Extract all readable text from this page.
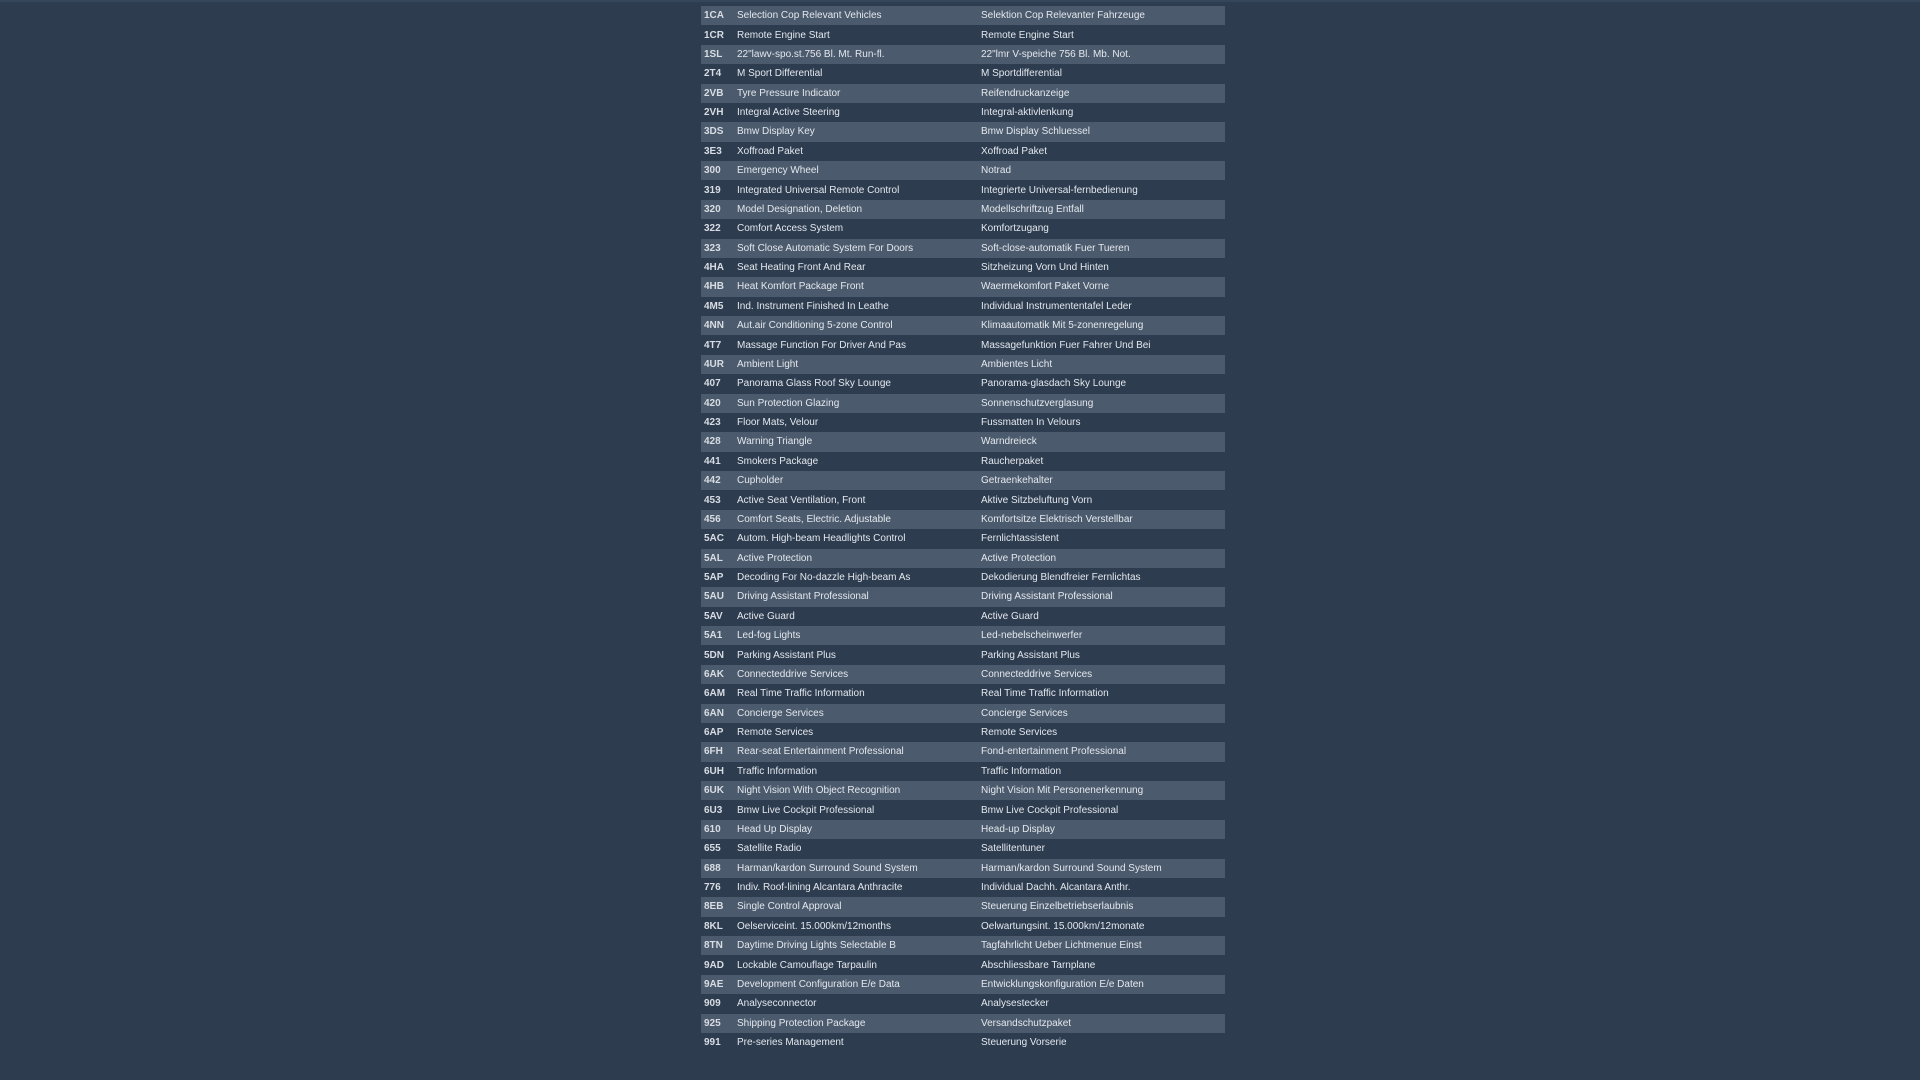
1CA	Selection Cop Relevant Vehicles	Selektion Cop Relevanter Fahrzeuge
1CR	Remote Engine Start	Remote Engine Start
1SL	22"lawv-spo.st.756 Bl. Mt. Run-fl.	22"lmr V-speiche 756 Bl. Mb. Not.
2T4	M Sport Differential	M Sportdifferential
2VB	Tyre Pressure Indicator	Reifendruckanzeige
2VH	Integral Active Steering	Integral-aktivlenkung
3DS	Bmw Display Key	Bmw Display Schluessel
3E3	Xoffroad Paket	Xoffroad Paket
300	Emergency Wheel	Notrad
319	Integrated Universal Remote Control	Integrierte Universal-fernbedienung
320	Model Designation, Deletion	Modellschriftzug Entfall
322	Comfort Access System	Komfortzugang
323	Soft Close Automatic System For Doors	Soft-close-automatik Fuer Tueren
4HA	Seat Heating Front And Rear	Sitzheizung Vorn Und Hinten
4HB	Heat Komfort Package Front	Waermekomfort Paket Vorne
4M5	Ind. Instrument Finished In Leathe	Individual Instrumententafel Leder
4NN	Aut.air Conditioning 5-zone Control	Klimaautomatik Mit 5-zonenregelung
4T7	Massage Function For Driver And Pas	Massagefunktion Fuer Fahrer Und Bei
4UR	Ambient Light	Ambientes Licht
407	Panorama Glass Roof Sky Lounge	Panorama-glasdach Sky Lounge
420	Sun Protection Glazing	Sonnenschutzverglasung
423	Floor Mats, Velour	Fussmatten In Velours
428	Warning Triangle	Warndreieck
441	Smokers Package	Raucherpaket
442	Cupholder	Getraenkehalter
453	Active Seat Ventilation, Front	Aktive Sitzbeluftung Vorn
456	Comfort Seats, Electric. Adjustable	Komfortsitze Elektrisch Verstellbar
5AC	Autom. High-beam Headlights Control	Fernlichtassistent
5AL	Active Protection	Active Protection
5AP	Decoding For No-dazzle High-beam As	Dekodierung Blendfreier Fernlichtas
5AU	Driving Assistant Professional	Driving Assistant Professional
5AV	Active Guard	Active Guard
5A1	Led-fog Lights	Led-nebelscheinwerfer
5DN	Parking Assistant Plus	Parking Assistant Plus
6AK	Connecteddrive Services	Connecteddrive Services
6AM	Real Time Traffic Information	Real Time Traffic Information
6AN	Concierge Services	Concierge Services
6AP	Remote Services	Remote Services
6FH	Rear-seat Entertainment Professional	Fond-entertainment Professional
6UH	Traffic Information	Traffic Information
6UK	Night Vision With Object Recognition	Night Vision Mit Personenerkennung
6U3	Bmw Live Cockpit Professional	Bmw Live Cockpit Professional
610	Head Up Display	Head-up Display
655	Satellite Radio	Satellitentuner
688	Harman/kardon Surround Sound System	Harman/kardon Surround Sound System
776	Indiv. Roof-lining Alcantara Anthracite	Individual Dachh. Alcantara Anthr.
8EB	Single Control Approval	Steuerung Einzelbetriebserlaubnis
8KL	Oelserviceint. 15.000km/12months	Oelwartungsint. 15.000km/12monate
8TN	Daytime Driving Lights Selectable B	Tagfahrlicht Ueber Lichtmenue Einst
9AD	Lockable Camouflage Tarpaulin	Abschliessbare Tarnplane
9AE	Development Configuration E/e Data	Entwicklungskonfiguration E/e Daten
909	Analyseconnector	Analysestecker
925	Shipping Protection Package	Versandschutzpaket
991	Pre-series Management	Steuerung Vorserie
